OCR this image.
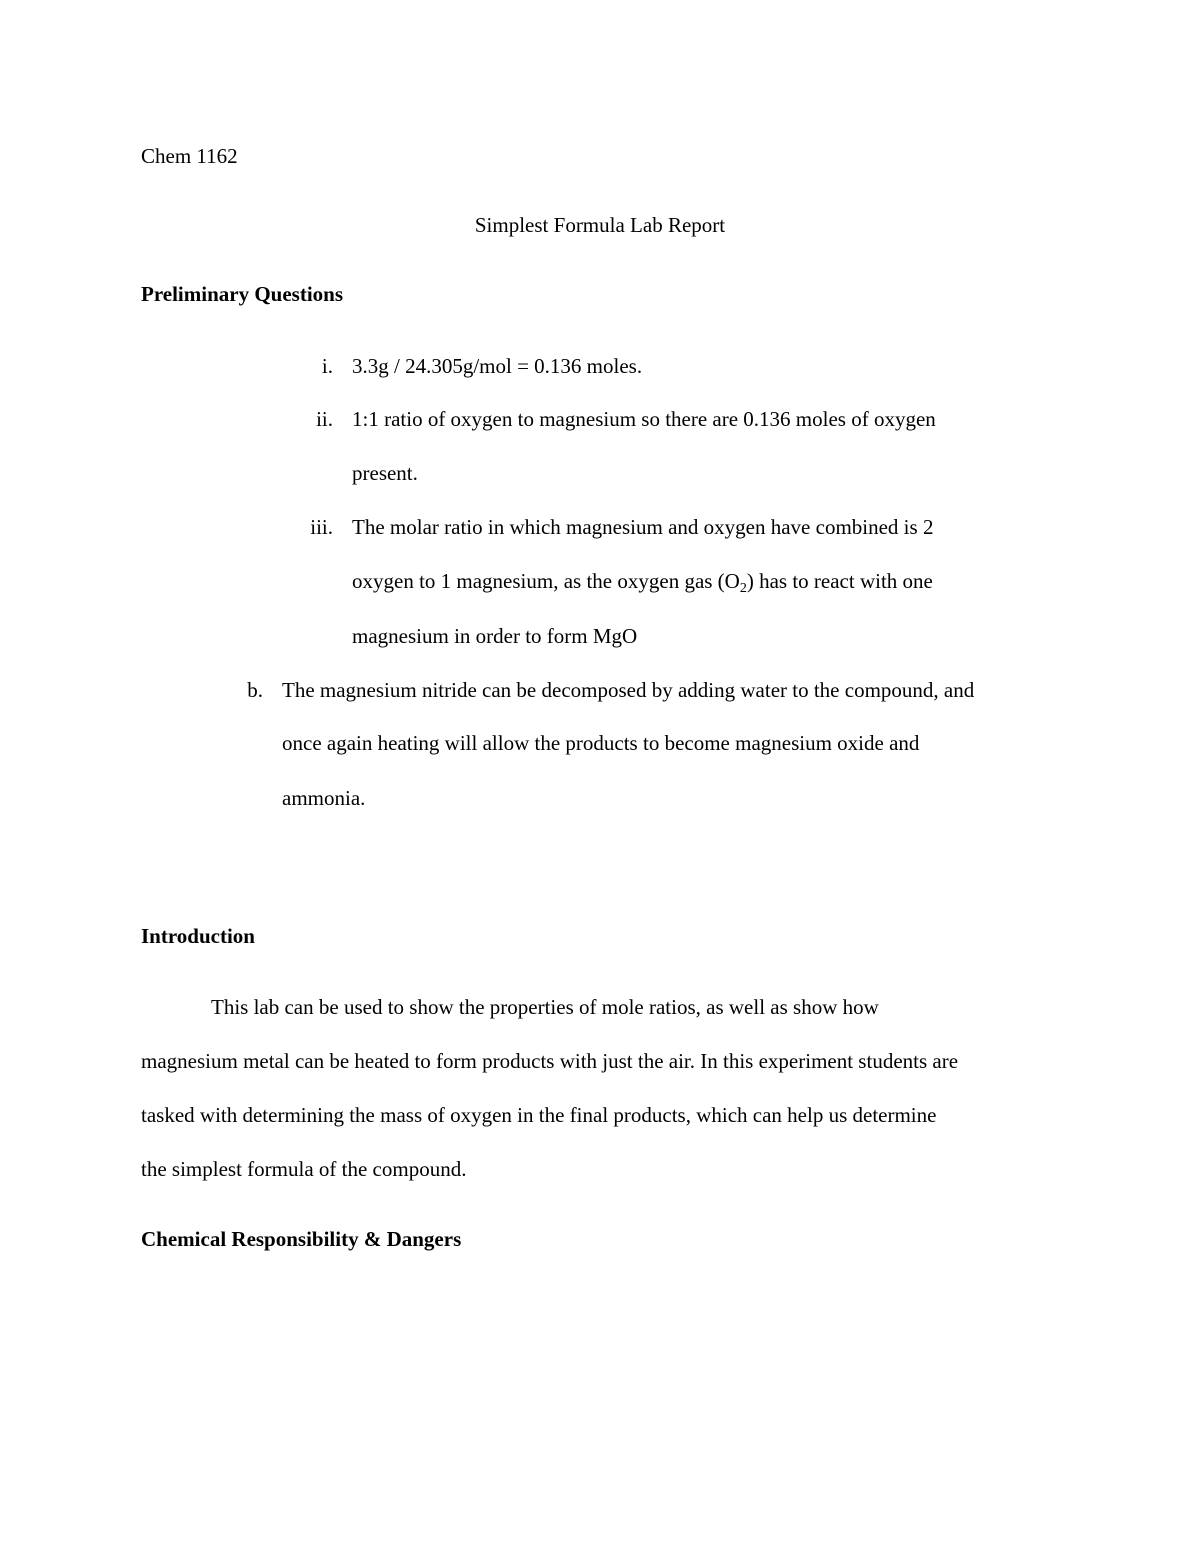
Chem 1162
Simplest Formula Lab Report
Preliminary Questions
i. 3.3g / 24.305g/mol = 0.136 moles.
ii. 1:1 ratio of oxygen to magnesium so there are 0.136 moles of oxygen
present.
iii. The molar ratio in which magnesium and oxygen have combined is 2
oxygen to 1 magnesium, as the oxygen gas $(O_2)$ has to react with one
magnesium in order to form MgO
b. The magnesium nitride can be decomposed by adding water to the compound, and
once again heating will allow the products to become magnesium oxide and
ammonia.
Introduction
This lab can be used to show the properties of mole ratios, as well as show how
magnesium metal can be heated to form products with just the air. In this experiment students are
tasked with determining the mass of oxygen in the final products, which can help us determine
the simplest formula of the compound.
Chemical Responsibility & Dangers
